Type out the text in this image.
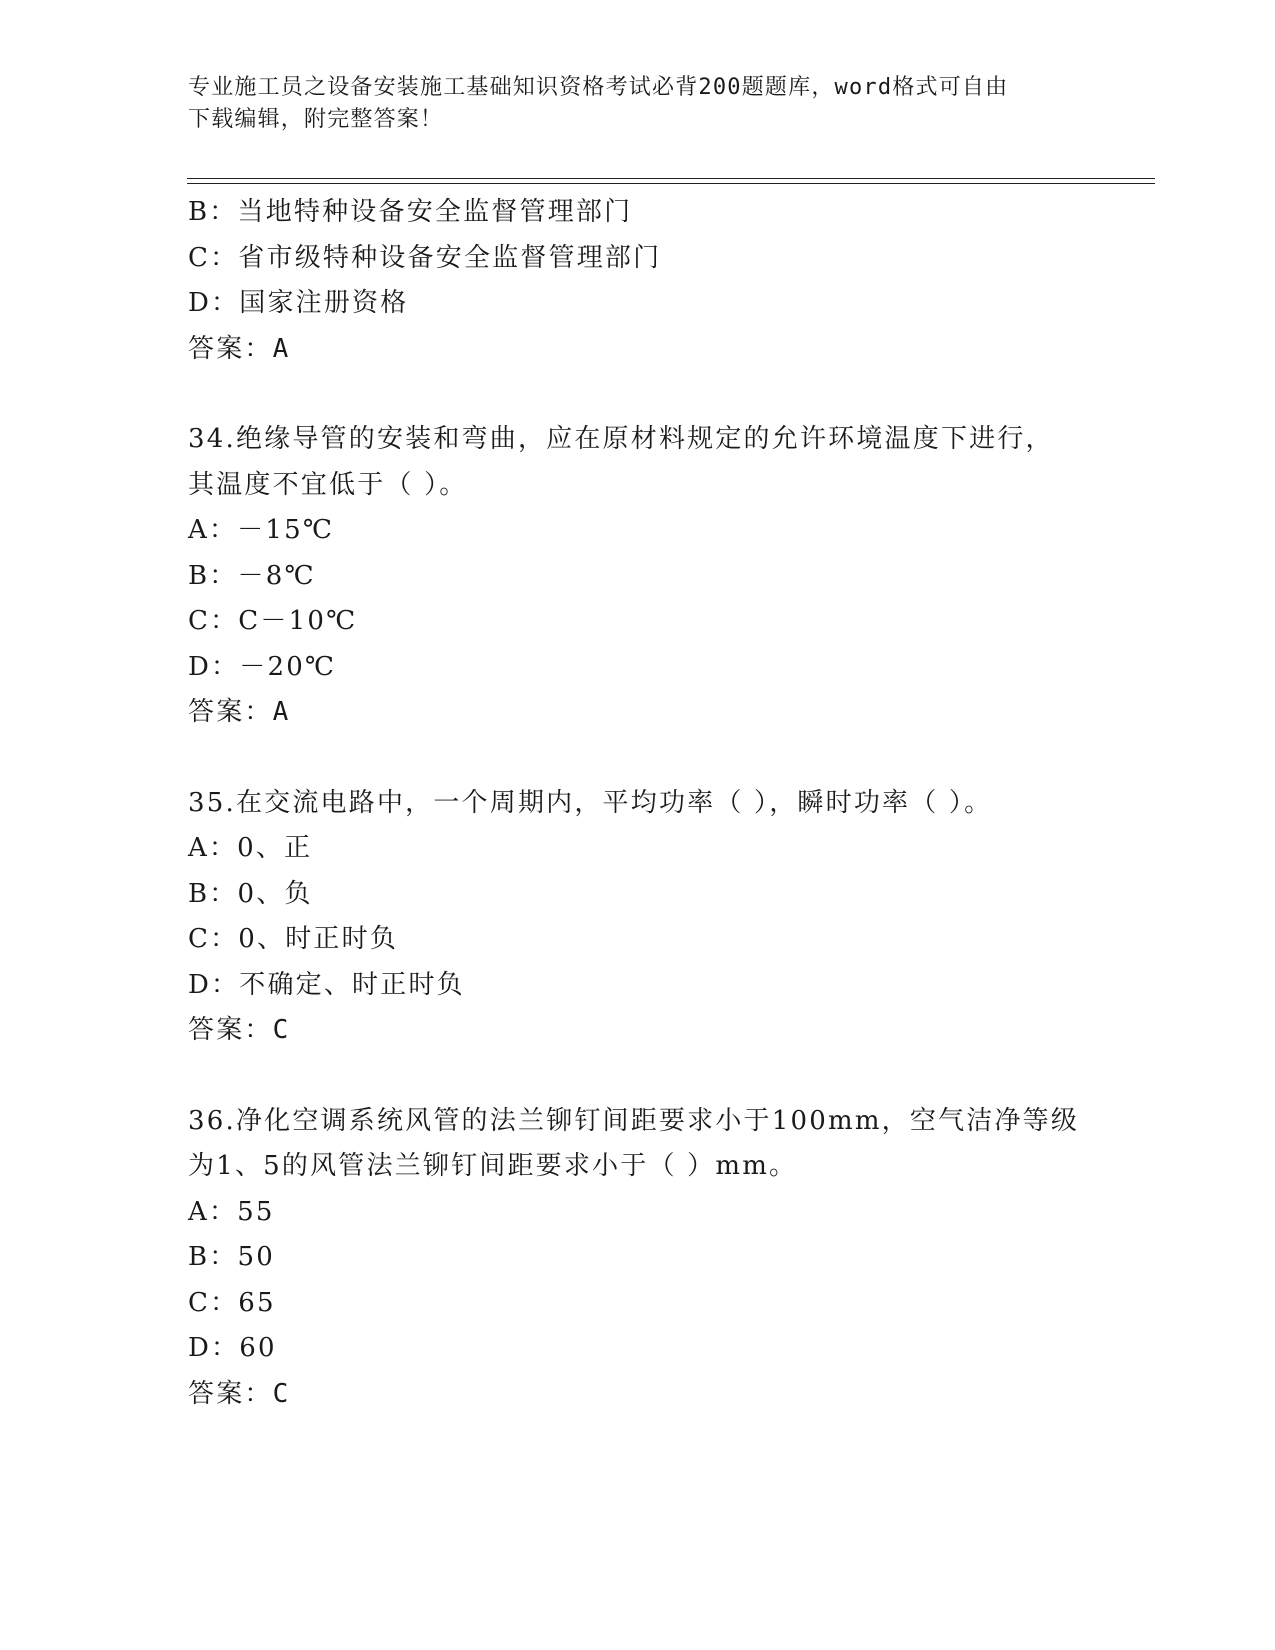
专业施工员之设备安装施工基础知识资格考试必背200题题库，word格式可自由
下载编辑，附完整答案！
B：当地特种设备安全监督管理部门
C：省市级特种设备安全监督管理部门
D：国家注册资格
答案：A
34.绝缘导管的安装和弯曲，应在原材料规定的允许环境温度下进行，
其温度不宜低于（ ）。
A：－15℃
B：－8℃
C：C－10℃
D：－20℃
答案：A
35.在交流电路中，一个周期内，平均功率（ ），瞬时功率（ ）。
A：0、正
B：0、负
C：0、时正时负
D：不确定、时正时负
答案：C
36.净化空调系统风管的法兰铆钉间距要求小于100mm，空气洁净等级
为1、5的风管法兰铆钉间距要求小于（ ）mm。
A：55
B：50
C：65
D：60
答案：C
